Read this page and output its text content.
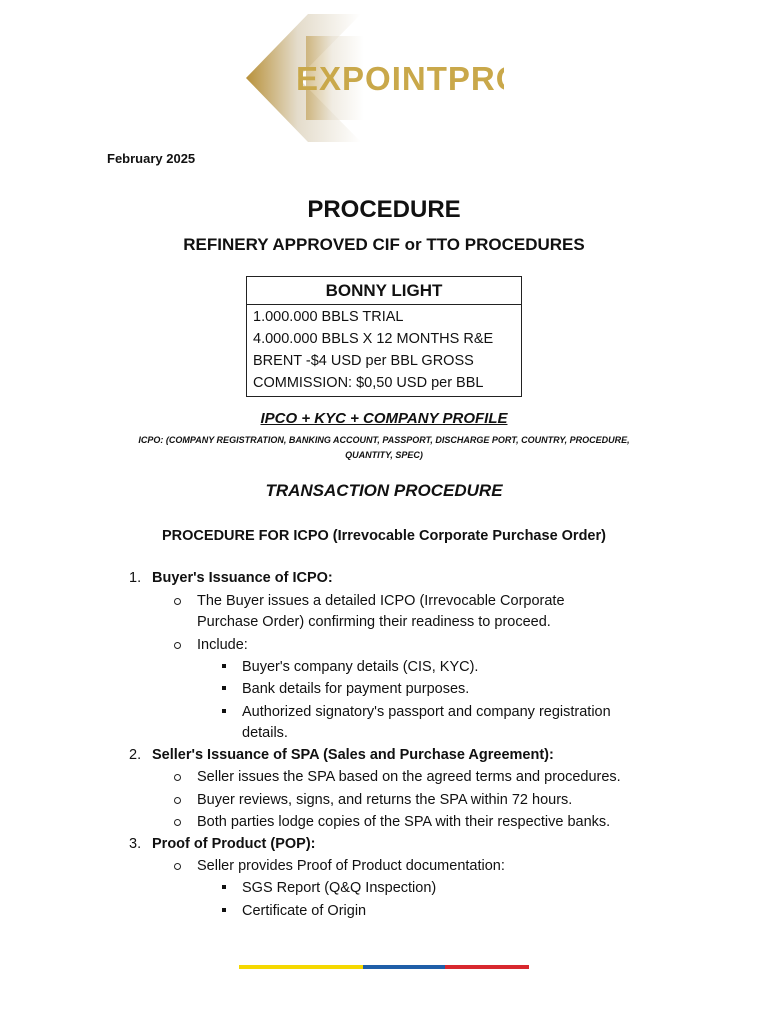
EXPOINTPRO
February 2025
PROCEDURE
REFINERY APPROVED CIF or TTO PROCEDURES
BONNY LIGHT
1.000.000 BBLS TRIAL
4.000.000 BBLS X 12 MONTHS R&E
BRENT -$4 USD per BBL GROSS
COMMISSION: $0,50 USD per BBL
IPCO + KYC + COMPANY PROFILE
ICPO: (COMPANY REGISTRATION, BANKING ACCOUNT, PASSPORT, DISCHARGE PORT, COUNTRY, PROCEDURE, QUANTITY, SPEC)
TRANSACTION PROCEDURE
PROCEDURE FOR ICPO (Irrevocable Corporate Purchase Order)
1. Buyer's Issuance of ICPO:
The Buyer issues a detailed ICPO (Irrevocable Corporate
Purchase Order) confirming their readiness to proceed.
Include:
Buyer's company details (CIS, KYC).
Bank details for payment purposes.
Authorized signatory's passport and company registration
details.
2. Seller's Issuance of SPA (Sales and Purchase Agreement):
Seller issues the SPA based on the agreed terms and procedures.
Buyer reviews, signs, and returns the SPA within 72 hours.
Both parties lodge copies of the SPA with their respective banks.
3. Proof of Product (POP):
Seller provides Proof of Product documentation:
SGS Report (Q&Q Inspection)
Certificate of Origin
